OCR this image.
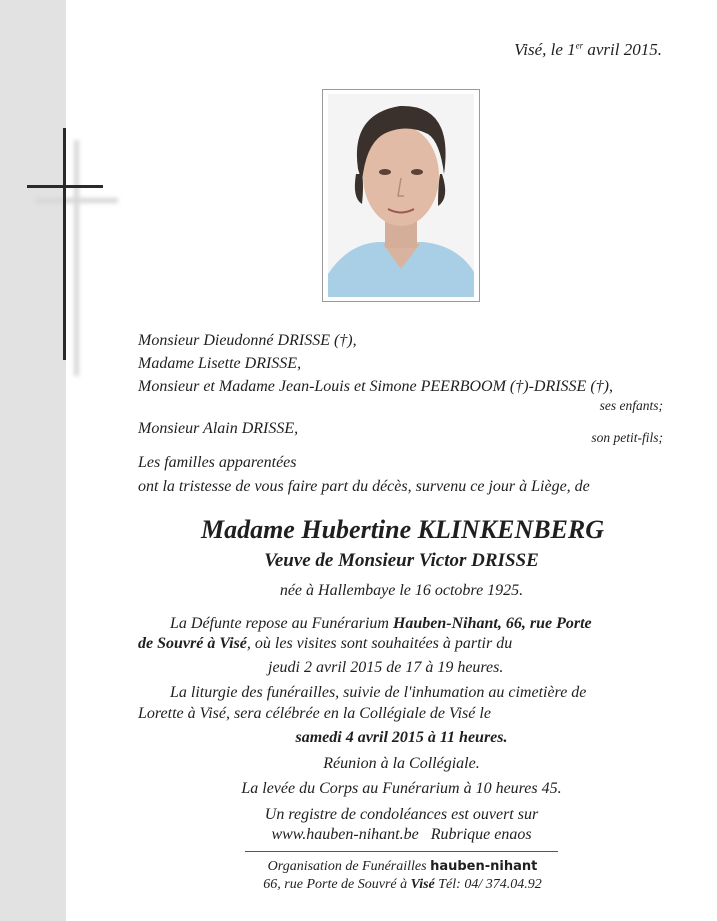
Visé, le 1er avril 2015.
Monsieur Dieudonné DRISSE (†),
Madame Lisette DRISSE,
Monsieur et Madame Jean-Louis et Simone PEERBOOM (†)-DRISSE (†),
ses enfants;
Monsieur Alain DRISSE,
son petit-fils;
Les familles apparentées
ont la tristesse de vous faire part du décès, survenu ce jour à Liège, de
Madame Hubertine KLINKENBERG
Veuve de Monsieur Victor DRISSE
née à Hallembaye le 16 octobre 1925.
La Défunte repose au Funérarium Hauben-Nihant, 66, rue Porte
de Souvré à Visé, où les visites sont souhaitées à partir du
jeudi 2 avril 2015 de 17 à 19 heures.
La liturgie des funérailles, suivie de l'inhumation au cimetière de
Lorette à Visé, sera célébrée en la Collégiale de Visé le
samedi 4 avril 2015 à 11 heures.
Réunion à la Collégiale.
La levée du Corps au Funérarium à 10 heures 45.
Un registre de condoléances est ouvert sur
www.hauben-nihant.be Rubrique enaos
Organisation de Funérailles hauben-nihant
66, rue Porte de Souvré à Visé Tél: 04/ 374.04.92
